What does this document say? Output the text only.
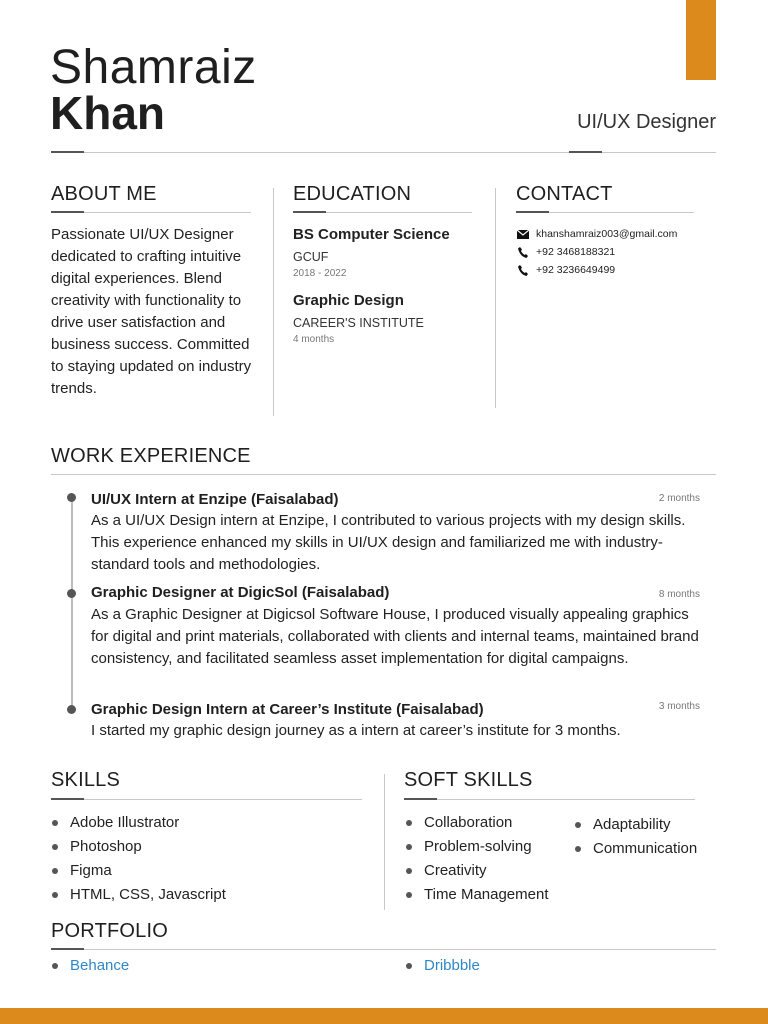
Shamraiz
Khan	UI/UX Designer
ABOUT ME
Passionate UI/UX Designer dedicated to crafting intuitive digital experiences. Blend creativity with functionality to drive user satisfaction and business success. Committed to staying updated on industry trends.
EDUCATION
BS Computer Science
GCUF
2018 - 2022
Graphic Design
CAREER'S INSTITUTE
4 months
CONTACT
khanshamraiz003@gmail.com
+92 3468188321
+92 3236649499
WORK EXPERIENCE
UI/UX Intern at Enzipe (Faisalabad)	2 months
As a UI/UX Design intern at Enzipe, I contributed to various projects with my design skills. This experience enhanced my skills in UI/UX design and familiarized me with industry-standard tools and methodologies.
Graphic Designer at DigicSol (Faisalabad)	8 months
As a Graphic Designer at Digicsol Software House, I produced visually appealing graphics for digital and print materials, collaborated with clients and internal teams, maintained brand consistency, and facilitated seamless asset implementation for digital campaigns.
Graphic Design Intern at Career’s Institute (Faisalabad)	3 months
I started my graphic design journey as a intern at career’s institute for 3 months.
SKILLS
Adobe Illustrator
Photoshop
Figma
HTML, CSS, Javascript
SOFT SKILLS
Collaboration
Problem-solving
Creativity
Time Management
Adaptability
Communication
PORTFOLIO
Behance	Dribbble
